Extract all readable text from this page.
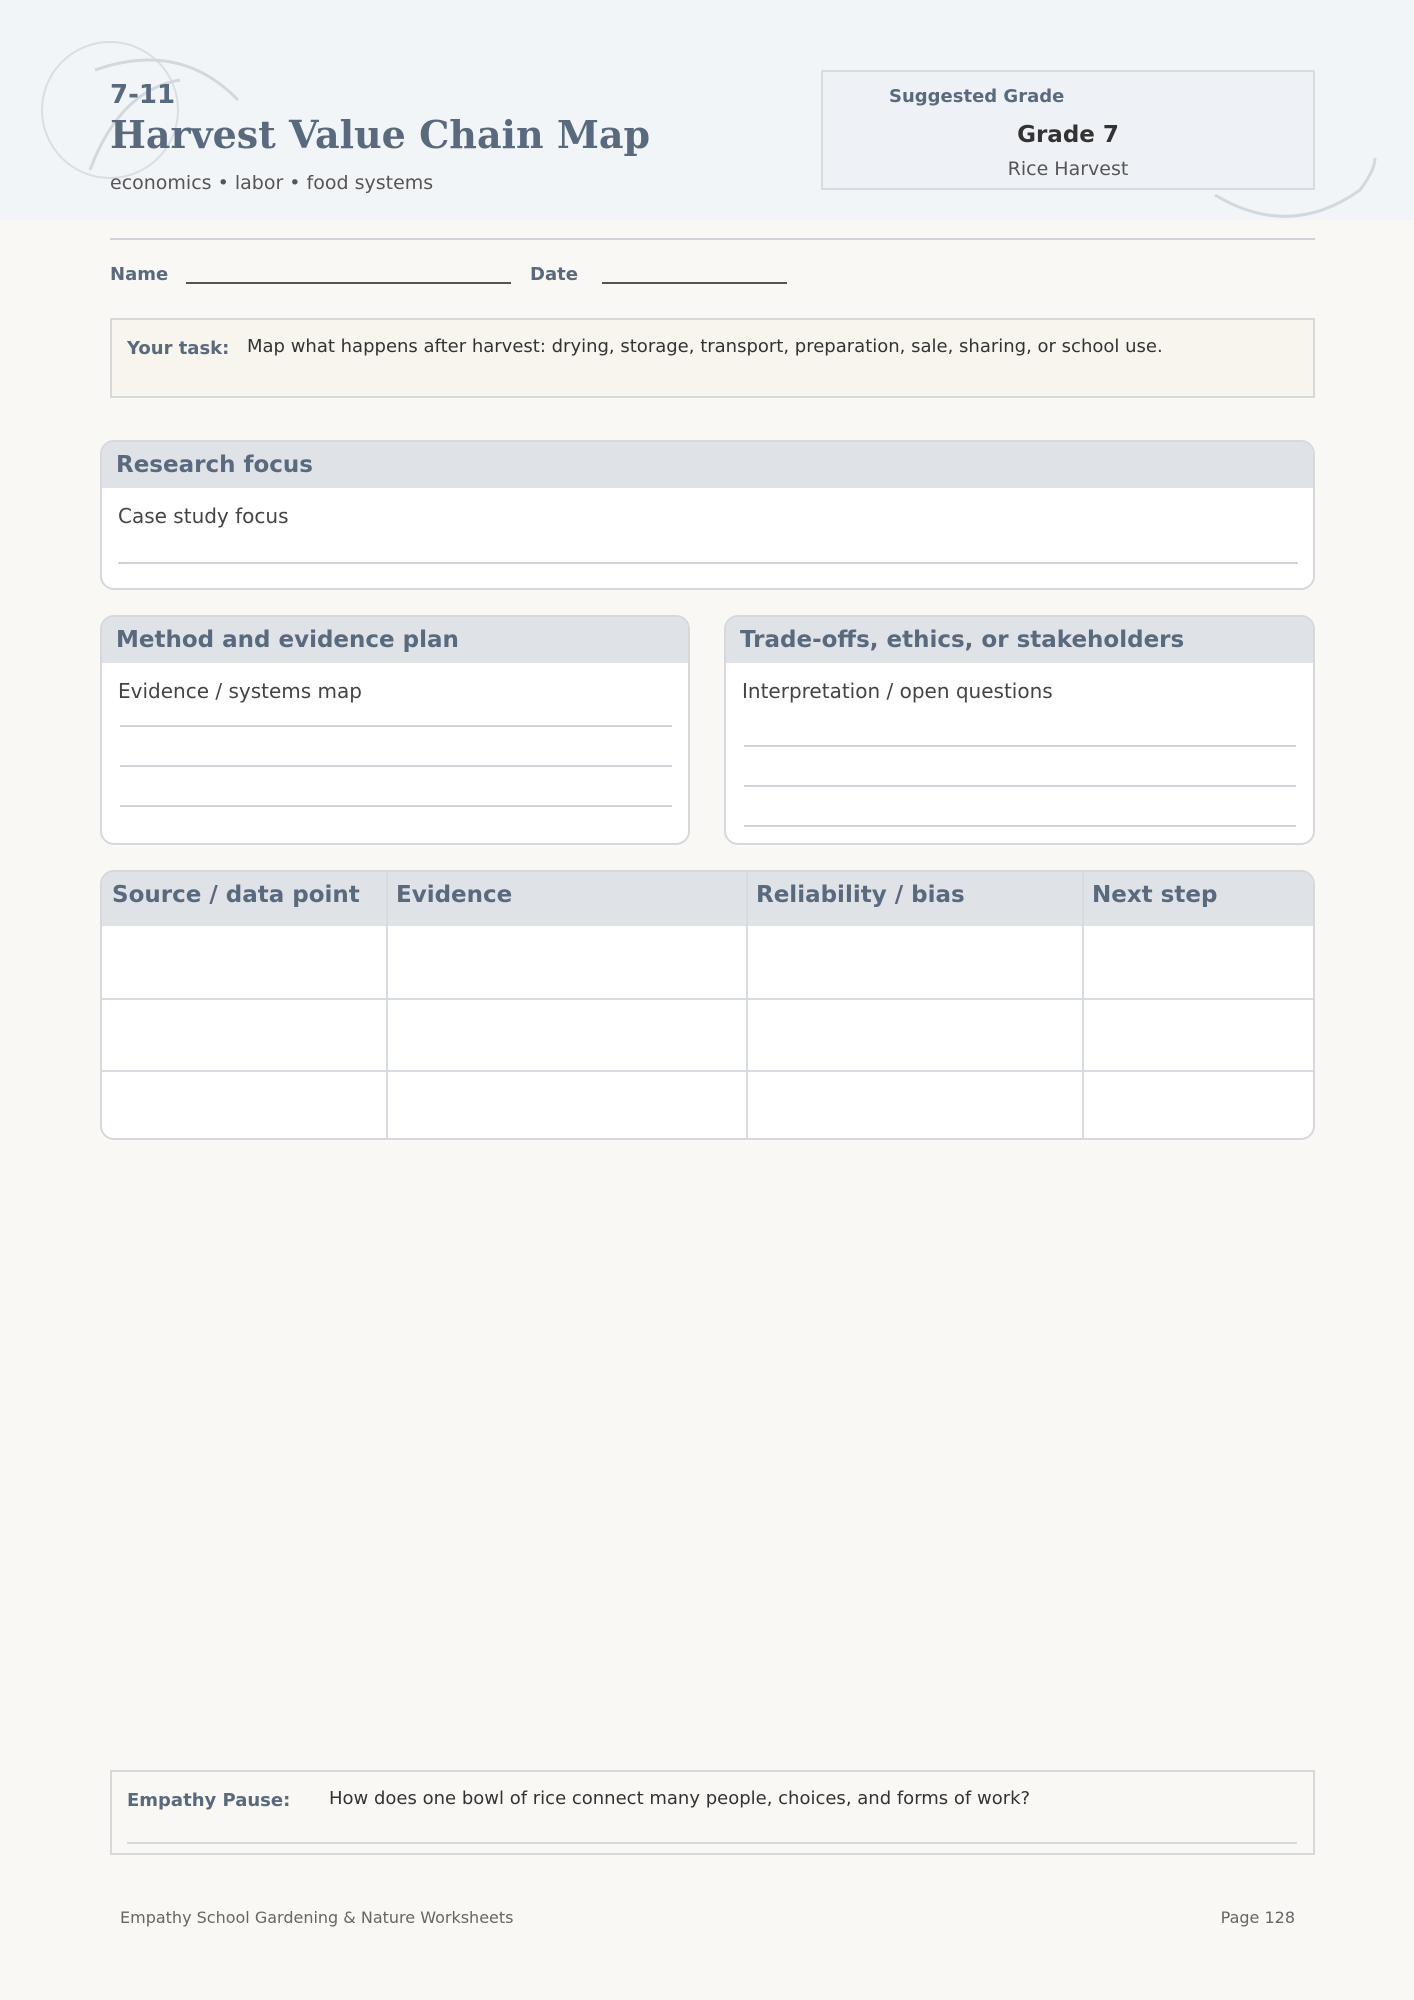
7-11
Harvest Value Chain Map
economics • labor • food systems
Suggested Grade
Grade 7
Rice Harvest
Name	Date
Your task: Map what happens after harvest: drying, storage, transport, preparation, sale, sharing, or school use.
Research focus
Case study focus
Method and evidence plan
Evidence / systems map
Trade-offs, ethics, or stakeholders
Interpretation / open questions
Source / data point	Evidence	Reliability / bias	Next step
Empathy Pause: How does one bowl of rice connect many people, choices, and forms of work?
Empathy School Gardening & Nature Worksheets	Page 128
